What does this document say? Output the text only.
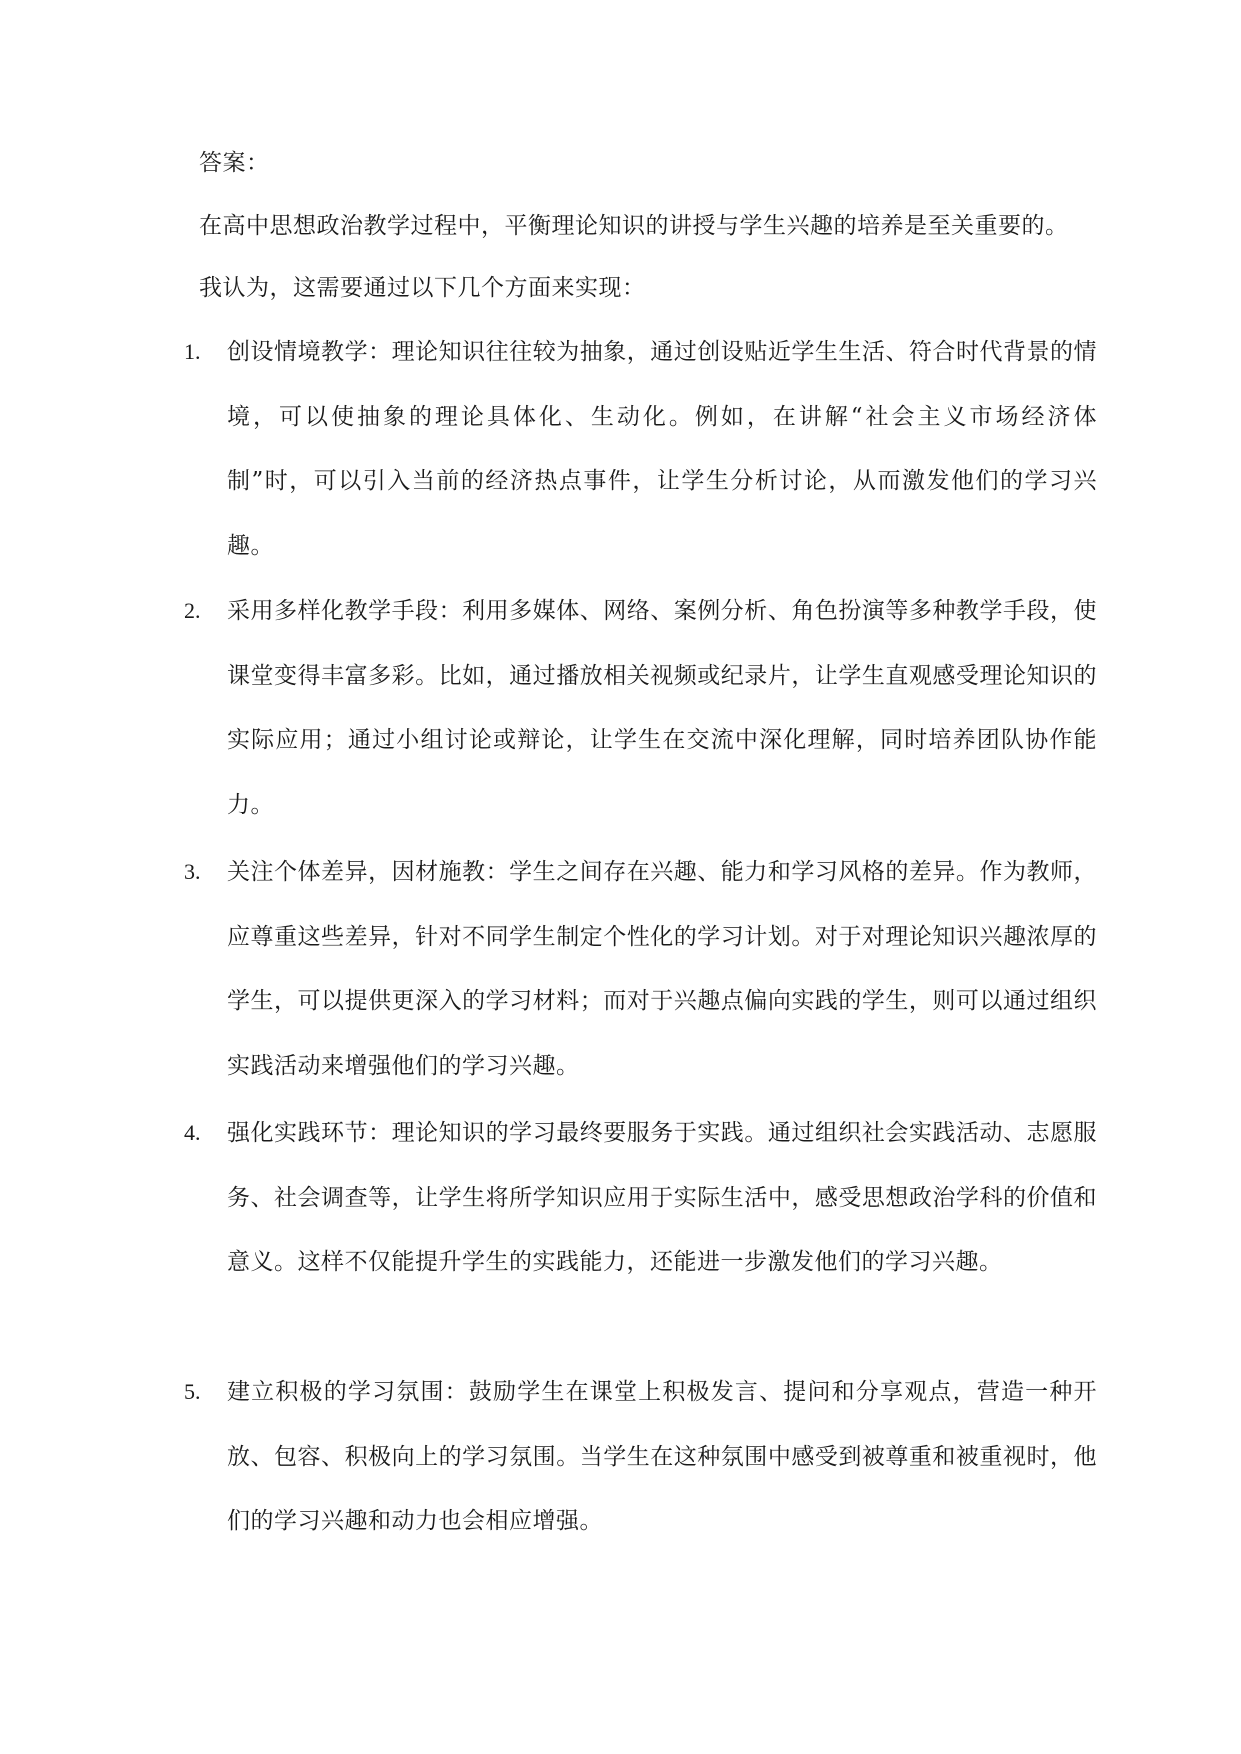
答案：
在高中思想政治教学过程中，平衡理论知识的讲授与学生兴趣的培养是至关重要的。
我认为，这需要通过以下几个方面来实现：
1. 创设情境教学：理论知识往往较为抽象，通过创设贴近学生生活、符合时代背景的情境，可以使抽象的理论具体化、生动化。例如，在讲解“社会主义市场经济体制”时，可以引入当前的经济热点事件，让学生分析讨论，从而激发他们的学习兴趣。
2. 采用多样化教学手段：利用多媒体、网络、案例分析、角色扮演等多种教学手段，使课堂变得丰富多彩。比如，通过播放相关视频或纪录片，让学生直观感受理论知识的实际应用；通过小组讨论或辩论，让学生在交流中深化理解，同时培养团队协作能力。
3. 关注个体差异，因材施教：学生之间存在兴趣、能力和学习风格的差异。作为教师，应尊重这些差异，针对不同学生制定个性化的学习计划。对于对理论知识兴趣浓厚的学生，可以提供更深入的学习材料；而对于兴趣点偏向实践的学生，则可以通过组织实践活动来增强他们的学习兴趣。
4. 强化实践环节：理论知识的学习最终要服务于实践。通过组织社会实践活动、志愿服务、社会调查等，让学生将所学知识应用于实际生活中，感受思想政治学科的价值和意义。这样不仅能提升学生的实践能力，还能进一步激发他们的学习兴趣。
5. 建立积极的学习氛围：鼓励学生在课堂上积极发言、提问和分享观点，营造一种开放、包容、积极向上的学习氛围。当学生在这种氛围中感受到被尊重和被重视时，他们的学习兴趣和动力也会相应增强。
